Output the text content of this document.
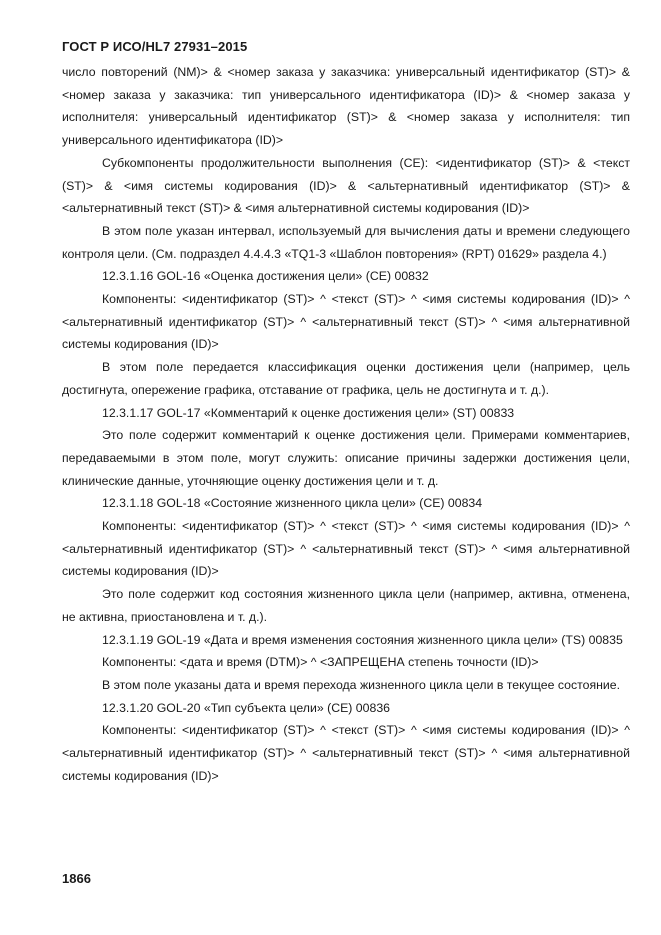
ГОСТ Р ИСО/HL7 27931–2015

число повторений (NM)> & <номер заказа у заказчика: универсальный идентификатор (ST)> & <номер заказа у заказчика: тип универсального идентификатора (ID)> & <номер заказа у исполнителя: универсальный идентификатор (ST)> & <номер заказа у исполнителя: тип универсального идентификатора (ID)>

Субкомпоненты продолжительности выполнения (CE): <идентификатор (ST)> & <текст (ST)> & <имя системы кодирования (ID)> & <альтернативный идентификатор (ST)> & <альтернативный текст (ST)> & <имя альтернативной системы кодирования (ID)>

В этом поле указан интервал, используемый для вычисления даты и времени следующего контроля цели. (См. подраздел 4.4.4.3 «TQ1-3 «Шаблон повторения» (RPT) 01629» раздела 4.)

12.3.1.16 GOL-16 «Оценка достижения цели» (CE) 00832

Компоненты: <идентификатор (ST)> ^ <текст (ST)> ^ <имя системы кодирования (ID)> ^ <альтернативный идентификатор (ST)> ^ <альтернативный текст (ST)> ^ <имя альтернативной системы кодирования (ID)>

В этом поле передается классификация оценки достижения цели (например, цель достигнута, опережение графика, отставание от графика, цель не достигнута и т. д.).

12.3.1.17 GOL-17 «Комментарий к оценке достижения цели» (ST) 00833

Это поле содержит комментарий к оценке достижения цели. Примерами комментариев, передаваемыми в этом поле, могут служить: описание причины задержки достижения цели, клинические данные, уточняющие оценку достижения цели и т. д.

12.3.1.18 GOL-18 «Состояние жизненного цикла цели» (CE) 00834

Компоненты: <идентификатор (ST)> ^ <текст (ST)> ^ <имя системы кодирования (ID)> ^ <альтернативный идентификатор (ST)> ^ <альтернативный текст (ST)> ^ <имя альтернативной системы кодирования (ID)>

Это поле содержит код состояния жизненного цикла цели (например, активна, отменена, не активна, приостановлена и т. д.).

12.3.1.19 GOL-19 «Дата и время изменения состояния жизненного цикла цели» (TS) 00835

Компоненты: <дата и время (DTM)> ^ <ЗАПРЕЩЕНА степень точности (ID)>

В этом поле указаны дата и время перехода жизненного цикла цели в текущее состояние.

12.3.1.20 GOL-20 «Тип субъекта цели» (CE) 00836

Компоненты: <идентификатор (ST)> ^ <текст (ST)> ^ <имя системы кодирования (ID)> ^ <альтернативный идентификатор (ST)> ^ <альтернативный текст (ST)> ^ <имя альтернативной системы кодирования (ID)>

1866
